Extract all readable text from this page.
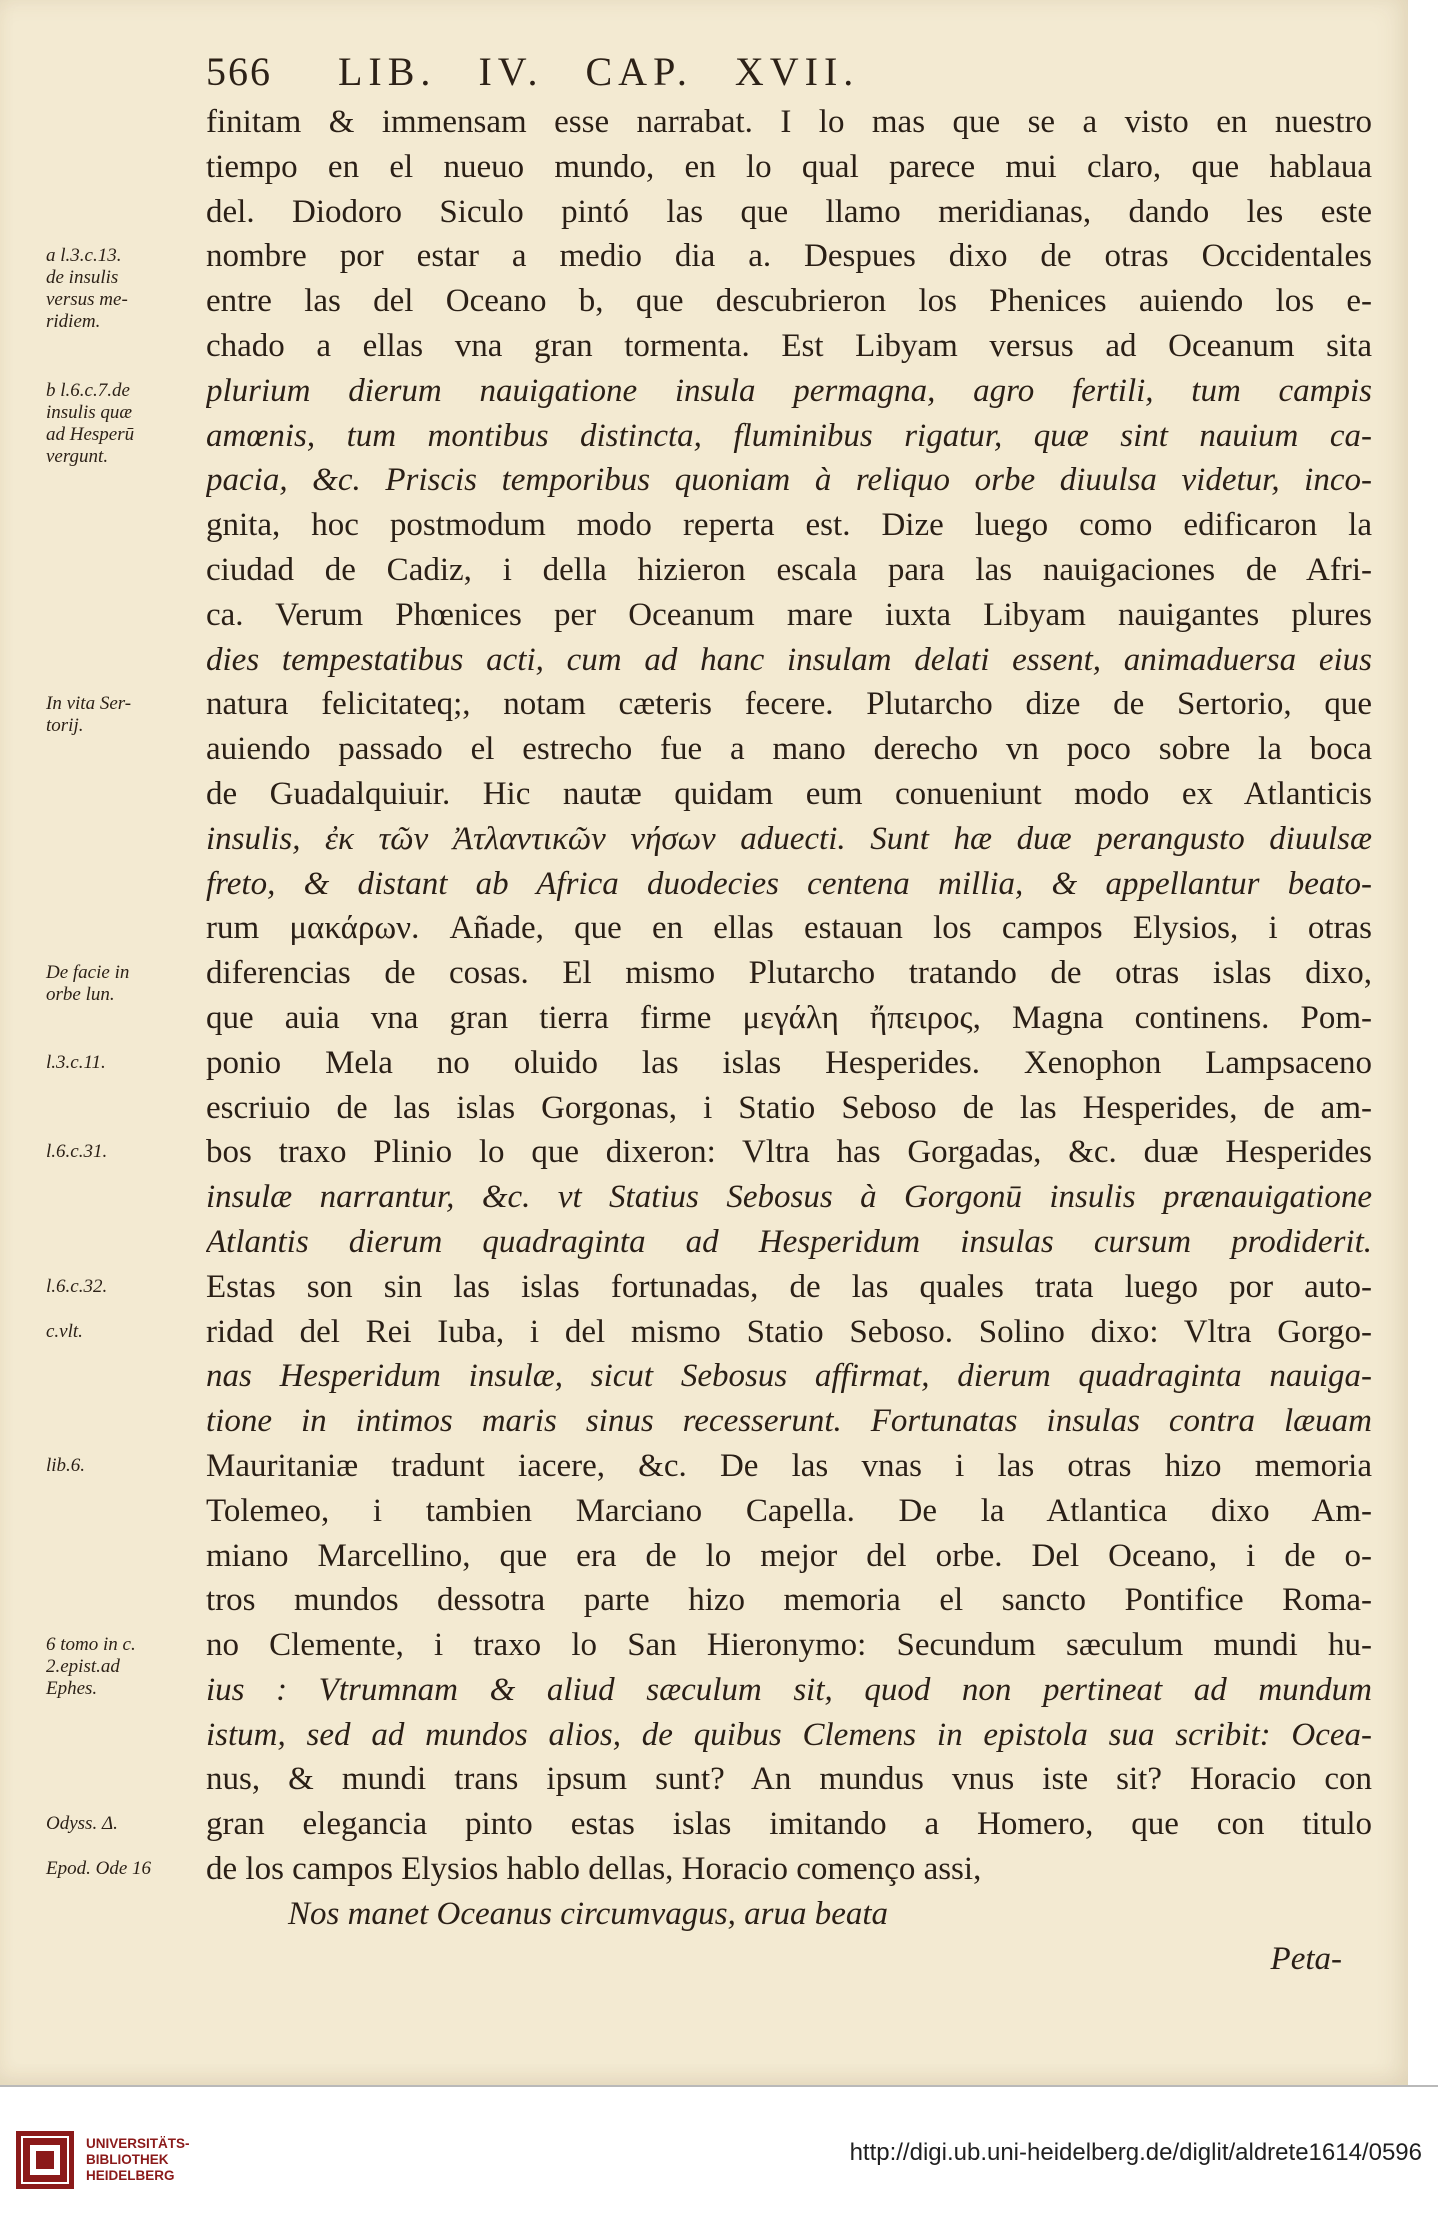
566 LIB. IV. CAP. XVII.
a l.3.c.13.
de insulis
versus me-
ridiem.
b l.6.c.7.de
insulis quæ
ad Hesperū
vergunt.
In vita Ser-
torij.
De facie in
orbe lun.
l.3.c.11.
l.6.c.31.
l.6.c.32.
c.vlt.
lib.6.
6 tomo in c.
2.epist.ad
Ephes.
Odyss. Δ.
Epod. Ode 16
finitam & immensam esse narrabat. I lo mas que se a visto en nuestro
tiempo en el nueuo mundo, en lo qual parece mui claro, que hablaua
del. Diodoro Siculo pintó las que llamo meridianas, dando les este
nombre por estar a medio dia a. Despues dixo de otras Occidentales
entre las del Oceano b, que descubrieron los Phenices auiendo los e-
chado a ellas vna gran tormenta. Est Libyam versus ad Oceanum sita
plurium dierum nauigatione insula permagna, agro fertili, tum campis
amœnis, tum montibus distincta, fluminibus rigatur, quæ sint nauium ca-
pacia, &c. Priscis temporibus quoniam à reliquo orbe diuulsa videtur, inco-
gnita, hoc postmodum modo reperta est. Dize luego como edificaron la
ciudad de Cadiz, i della hizieron escala para las nauigaciones de Afri-
ca. Verum Phœnices per Oceanum mare iuxta Libyam nauigantes plures
dies tempestatibus acti, cum ad hanc insulam delati essent, animaduersa eius
natura felicitateq;, notam cæteris fecere. Plutarcho dize de Sertorio, que
auiendo passado el estrecho fue a mano derecho vn poco sobre la boca
de Guadalquiuir. Hic nautæ quidam eum conueniunt modo ex Atlanticis
insulis, ἐκ τῶν Ἀτλαντικῶν νήσων aduecti. Sunt hæ duæ perangusto diuulsæ
freto, & distant ab Africa duodecies centena millia, & appellantur beato-
rum μακάρων. Añade, que en ellas estauan los campos Elysios, i otras
diferencias de cosas. El mismo Plutarcho tratando de otras islas dixo,
que auia vna gran tierra firme μεγάλη ἤπειρος, Magna continens. Pom-
ponio Mela no oluido las islas Hesperides. Xenophon Lampsaceno
escriuio de las islas Gorgonas, i Statio Seboso de las Hesperides, de am-
bos traxo Plinio lo que dixeron: Vltra has Gorgadas, &c. duæ Hesperides
insulæ narrantur, &c. vt Statius Sebosus à Gorgonū insulis prænauigatione
Atlantis dierum quadraginta ad Hesperidum insulas cursum prodiderit.
Estas son sin las islas fortunadas, de las quales trata luego por auto-
ridad del Rei Iuba, i del mismo Statio Seboso. Solino dixo: Vltra Gorgo-
nas Hesperidum insulæ, sicut Sebosus affirmat, dierum quadraginta nauiga-
tione in intimos maris sinus recesserunt. Fortunatas insulas contra læuam
Mauritaniæ tradunt iacere, &c. De las vnas i las otras hizo memoria
Tolemeo, i tambien Marciano Capella. De la Atlantica dixo Am-
miano Marcellino, que era de lo mejor del orbe. Del Oceano, i de o-
tros mundos dessotra parte hizo memoria el sancto Pontifice Roma-
no Clemente, i traxo lo San Hieronymo: Secundum sæculum mundi hu-
ius : Vtrumnam & aliud sæculum sit, quod non pertineat ad mundum
istum, sed ad mundos alios, de quibus Clemens in epistola sua scribit: Ocea-
nus, & mundi trans ipsum sunt? An mundus vnus iste sit? Horacio con
gran elegancia pinto estas islas imitando a Homero, que con titulo
de los campos Elysios hablo dellas, Horacio començo assi,
Nos manet Oceanus circumvagus, arua beata
Peta-
UNIVERSITÄTS-
BIBLIOTHEK
HEIDELBERG
http://digi.ub.uni-heidelberg.de/diglit/aldrete1614/0596
